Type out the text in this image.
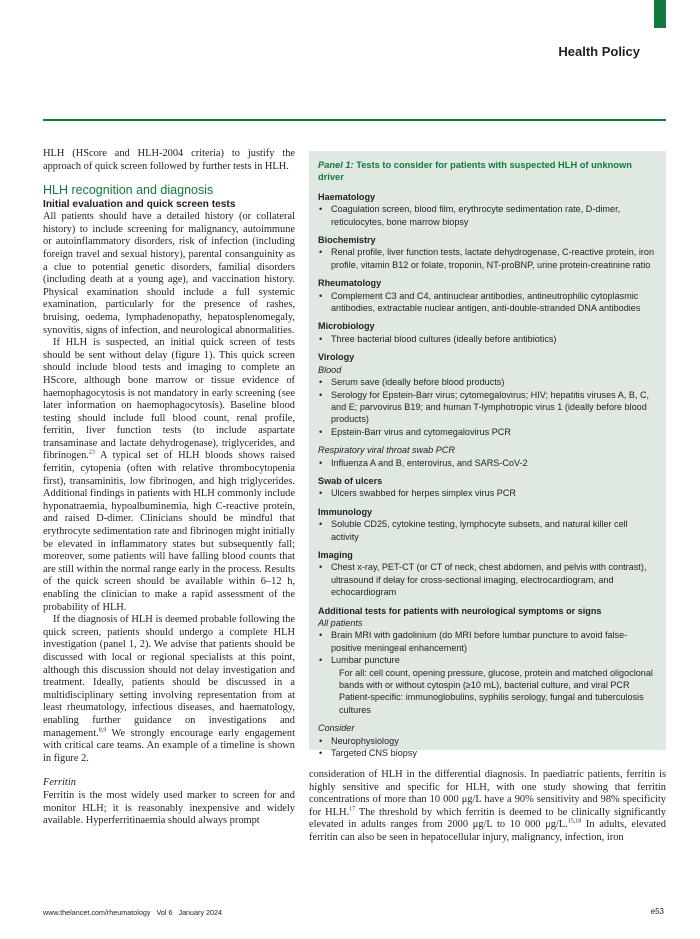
Health Policy

HLH (HScore and HLH-2004 criteria) to justify the approach of quick screen followed by further tests in HLH.

HLH recognition and diagnosis
Initial evaluation and quick screen tests

All patients should have a detailed history (or collateral history) to include screening for malignancy, autoimmune or autoinflammatory disorders, risk of infection (including foreign travel and sexual history), parental consanguinity as a clue to potential genetic disorders, familial disorders (including death at a young age), and vaccination history. Physical examination should include a full systemic examination, particularly for the presence of rashes, bruising, oedema, lymphadenopathy, hepatosplenomegaly, synovitis, signs of infection, and neurological abnormalities.

If HLH is suspected, an initial quick screen of tests should be sent without delay (figure 1). This quick screen should include blood tests and imaging to complete an HScore, although bone marrow or tissue evidence of haemophagocytosis is not mandatory in early screening (see later information on haemophagocytosis). Baseline blood testing should include full blood count, renal profile, ferritin, liver function tests (to include aspartate transaminase and lactate dehydrogenase), triglycerides, and fibrinogen.$^{23}$ A typical set of HLH bloods shows raised ferritin, cytopenia (often with relative thrombocytopenia first), transaminitis, low fibrinogen, and high triglycerides. Additional findings in patients with HLH commonly include hyponatraemia, hypoalbuminemia, high C-reactive protein, and raised D-dimer. Clinicians should be mindful that erythrocyte sedimentation rate and fibrinogen might initially be elevated in inflammatory states but subsequently fall; moreover, some patients will have falling blood counts that are still within the normal range early in the process. Results of the quick screen should be available within 6–12 h, enabling the clinician to make a rapid assessment of the probability of HLH.

If the diagnosis of HLH is deemed probable following the quick screen, patients should undergo a complete HLH investigation (panel 1, 2). We advise that patients should be discussed with local or regional specialists at this point, although this discussion should not delay investigation and treatment. Ideally, patients should be discussed in a multidisciplinary setting involving representation from at least rheumatology, infectious diseases, and haematology, enabling further guidance on investigations and management.$^{8,9}$ We strongly encourage early engagement with critical care teams. An example of a timeline is shown in figure 2.

Ferritin

Ferritin is the most widely used marker to screen for and monitor HLH; it is reasonably inexpensive and widely available. Hyperferritinaemia should always prompt

Panel 1: Tests to consider for patients with suspected HLH of unknown driver
Haematology
• Coagulation screen, blood film, erythrocyte sedimentation rate, D-dimer, reticulocytes, bone marrow biopsy
Biochemistry
• Renal profile, liver function tests, lactate dehydrogenase, C-reactive protein, iron profile, vitamin B12 or folate, troponin, NT-proBNP, urine protein-creatinine ratio
Rheumatology
• Complement C3 and C4, antinuclear antibodies, antineutrophilic cytoplasmic antibodies, extractable nuclear antigen, anti-double-stranded DNA antibodies
Microbiology
• Three bacterial blood cultures (ideally before antibiotics)
Virology
Blood
• Serum save (ideally before blood products)
• Serology for Epstein-Barr virus; cytomegalovirus; HIV; hepatitis viruses A, B, C, and E; parvovirus B19; and human T-lymphotropic virus 1 (ideally before blood products)
• Epstein-Barr virus and cytomegalovirus PCR
Respiratory viral throat swab PCR
• Influenza A and B, enterovirus, and SARS-CoV-2
Swab of ulcers
• Ulcers swabbed for herpes simplex virus PCR
Immunology
• Soluble CD25, cytokine testing, lymphocyte subsets, and natural killer cell activity
Imaging
• Chest x-ray, PET-CT (or CT of neck, chest abdomen, and pelvis with contrast), ultrasound if delay for cross-sectional imaging, electrocardiogram, and echocardiogram
Additional tests for patients with neurological symptoms or signs
All patients
• Brain MRI with gadolinium (do MRI before lumbar puncture to avoid false-positive meningeal enhancement)
• Lumbar puncture
For all: cell count, opening pressure, glucose, protein and matched oligoclonal bands with or without cytospin (≥10 mL), bacterial culture, and viral PCR
Patient-specific: immunoglobulins, syphilis serology, fungal and tuberculosis cultures
Consider
• Neurophysiology
• Targeted CNS biopsy

consideration of HLH in the differential diagnosis. In paediatric patients, ferritin is highly sensitive and specific for HLH, with one study showing that ferritin concentrations of more than 10 000 μg/L have a 90% sensitivity and 98% specificity for HLH.$^{17}$ The threshold by which ferritin is deemed to be clinically significantly elevated in adults ranges from 2000 μg/L to 10 000 μg/L.$^{15,18}$ In adults, elevated ferritin can also be seen in hepatocellular injury, malignancy, infection, iron

www.thelancet.com/rheumatology Vol 6 January 2024	e53
